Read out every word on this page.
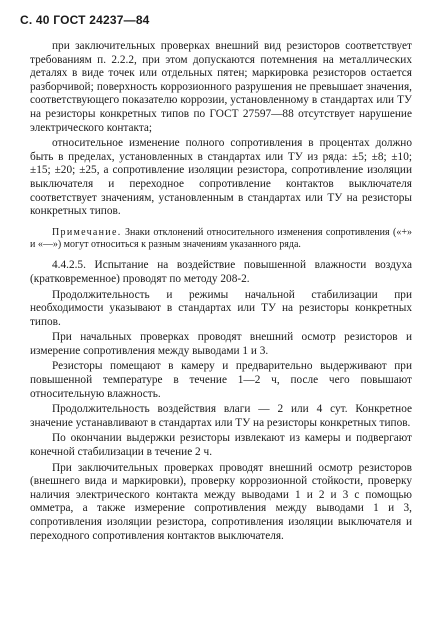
С. 40 ГОСТ 24237—84

при заключительных проверках внешний вид резисторов соответствует требованиям п. 2.2.2, при этом допускаются потемнения на металлических деталях в виде точек или отдельных пятен; маркировка резисторов остается разборчивой; поверхность коррозионного разрушения не превышает значения, соответствующего показателю коррозии, установленному в стандартах или ТУ на резисторы конкретных типов по ГОСТ 27597—88 отсутствует нарушение электрического контакта;

относительное изменение полного сопротивления в процентах должно быть в пределах, установленных в стандартах или ТУ из ряда: ±5; ±8; ±10; ±15; ±20; ±25, а сопротивление изоляции резистора, сопротивление изоляции выключателя и переходное сопротивление контактов выключателя соответствует значениям, установленным в стандартах или ТУ на резисторы конкретных типов.

Примечание. Знаки отклонений относительного изменения сопротивления («+» и «—») могут относиться к разным значениям указанного ряда.

4.4.2.5. Испытание на воздействие повышенной влажности воздуха (кратковременное) проводят по методу 208-2.

Продолжительность и режимы начальной стабилизации при необходимости указывают в стандартах или ТУ на резисторы конкретных типов.

При начальных проверках проводят внешний осмотр резисторов и измерение сопротивления между выводами 1 и 3.

Резисторы помещают в камеру и предварительно выдерживают при повышенной температуре в течение 1—2 ч, после чего повышают относительную влажность.

Продолжительность воздействия влаги — 2 или 4 сут. Конкретное значение устанавливают в стандартах или ТУ на резисторы конкретных типов.

По окончании выдержки резисторы извлекают из камеры и подвергают конечной стабилизации в течение 2 ч.

При заключительных проверках проводят внешний осмотр резисторов (внешнего вида и маркировки), проверку коррозионной стойкости, проверку наличия электрического контакта между выводами 1 и 2 и 3 с помощью омметра, а также измерение сопротивления между выводами 1 и 3, сопротивления изоляции резистора, сопротивления изоляции выключателя и переходного сопротивления контактов выключателя.
